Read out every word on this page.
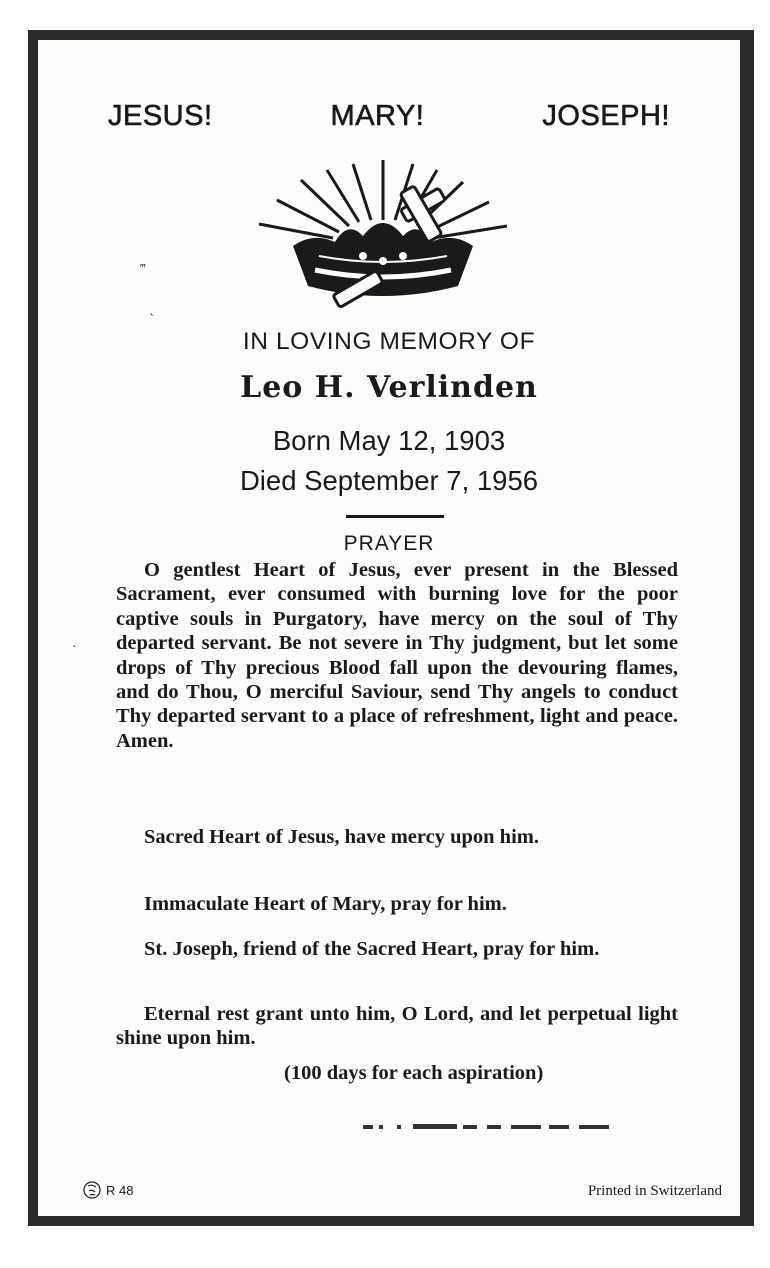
JESUS!	MARY!	JOSEPH!
IN LOVING MEMORY OF
Leo H. Verlinden
Born May 12, 1903
Died September 7, 1956
PRAYER

O gentlest Heart of Jesus, ever present in the Blessed Sacrament, ever consumed with burning love for the poor captive souls in Purgatory, have mercy on the soul of Thy departed servant. Be not severe in Thy judgment, but let some drops of Thy precious Blood fall upon the devouring flames, and do Thou, O merciful Saviour, send Thy angels to conduct Thy departed servant to a place of refreshment, light and peace. Amen.

Sacred Heart of Jesus, have mercy upon him.

Immaculate Heart of Mary, pray for him.

St. Joseph, friend of the Sacred Heart, pray for him.

Eternal rest grant unto him, O Lord, and let perpetual light shine upon him.

(100 days for each aspiration)
R 48	Printed in Switzerland
‴
‵
·
